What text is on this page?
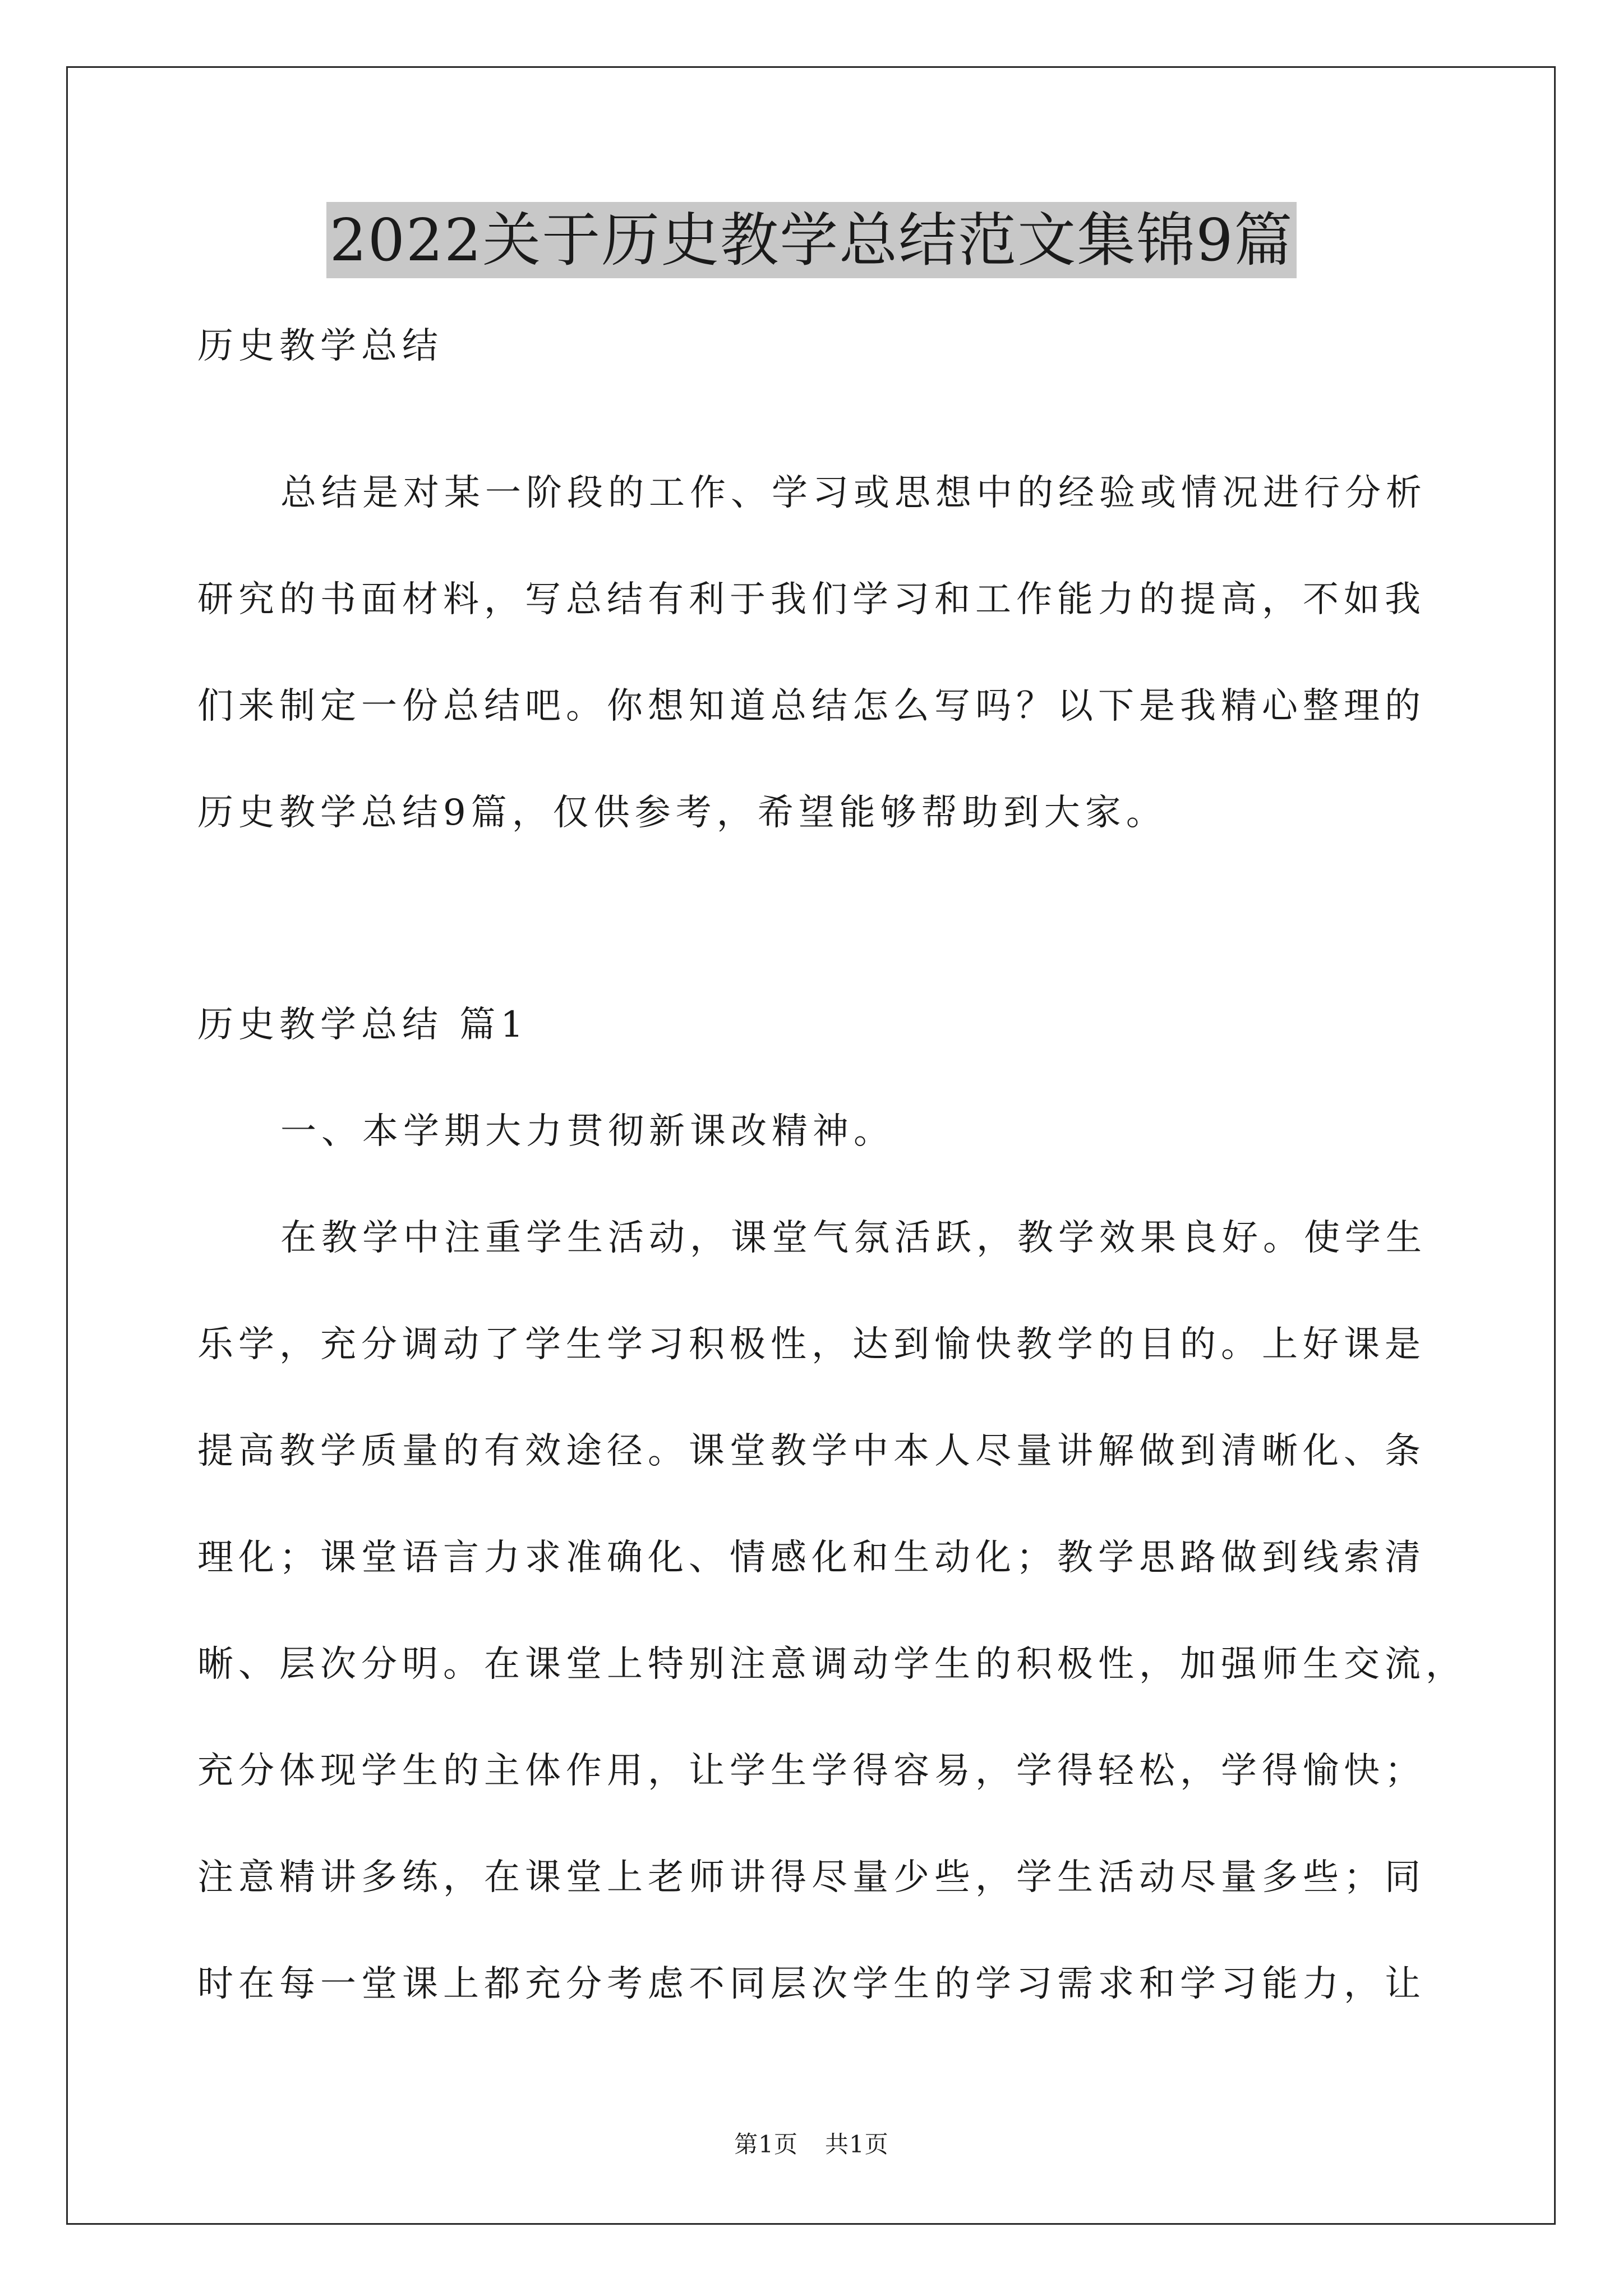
2022关于历史教学总结范文集锦9篇
历史教学总结
总结是对某一阶段的工作、学习或思想中的经验或情况进行分析
研究的书面材料，写总结有利于我们学习和工作能力的提高，不如我
们来制定一份总结吧。你想知道总结怎么写吗？以下是我精心整理的
历史教学总结9篇，仅供参考，希望能够帮助到大家。
历史教学总结 篇1
一、本学期大力贯彻新课改精神。
在教学中注重学生活动，课堂气氛活跃，教学效果良好。使学生
乐学，充分调动了学生学习积极性，达到愉快教学的目的。上好课是
提高教学质量的有效途径。课堂教学中本人尽量讲解做到清晰化、条
理化；课堂语言力求准确化、情感化和生动化；教学思路做到线索清
晰、层次分明。在课堂上特别注意调动学生的积极性，加强师生交流，
充分体现学生的主体作用，让学生学得容易，学得轻松，学得愉快；
注意精讲多练，在课堂上老师讲得尽量少些，学生活动尽量多些；同
时在每一堂课上都充分考虑不同层次学生的学习需求和学习能力，让
第1页 共1页
